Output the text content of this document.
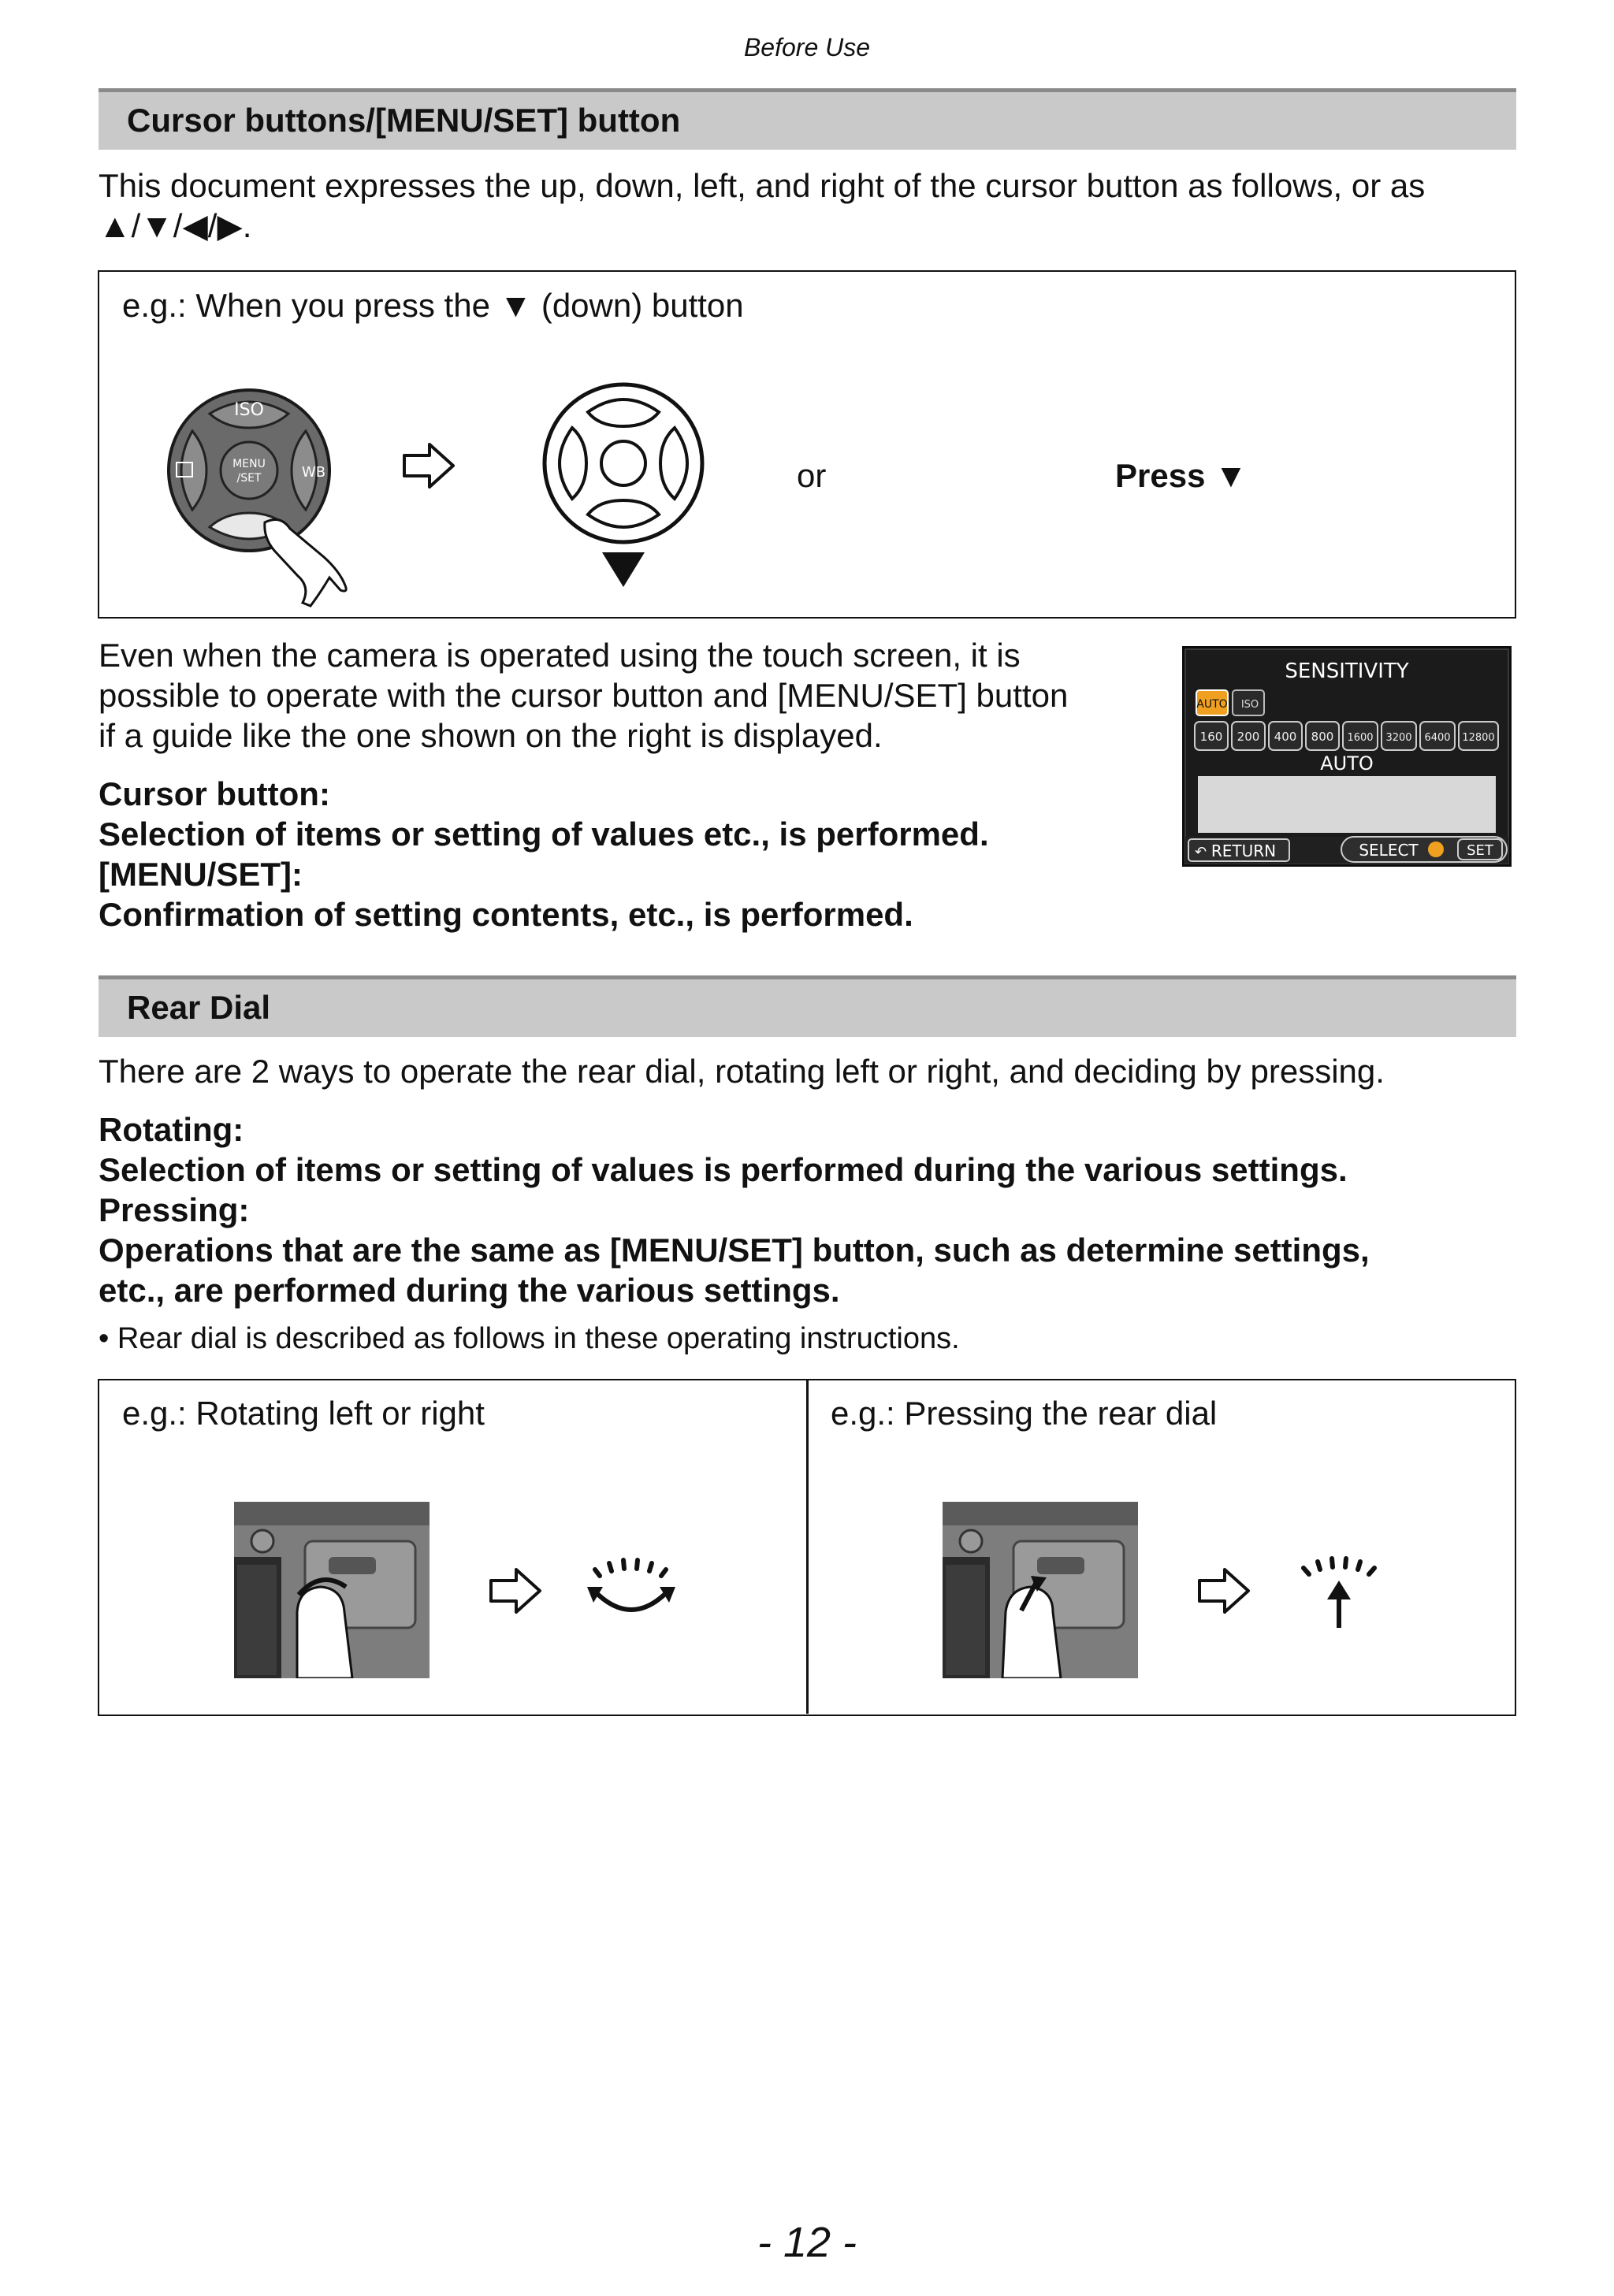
Before Use
Cursor buttons/[MENU/SET] button
This document expresses the up, down, left, and right of the cursor button as follows, or as
▲/▼/◀/▶.
e.g.: When you press the ▼ (down) button
ISO
MENU
/SET	WB	or	Press ▼
Even when the camera is operated using the touch screen, it is
possible to operate with the cursor button and [MENU/SET] button
if a guide like the one shown on the right is displayed.
Cursor button:
Selection of items or setting of values etc., is performed.
[MENU/SET]:
Confirmation of setting contents, etc., is performed.
SENSITIVITY
AUTO ISO
160 200 400 800 1600 3200 6400 12800
AUTO
RETURN
↶	SELECT	SET
Rear Dial
There are 2 ways to operate the rear dial, rotating left or right, and deciding by pressing.
Rotating:
Selection of items or setting of values is performed during the various settings.
Pressing:
Operations that are the same as [MENU/SET] button, such as determine settings,
etc., are performed during the various settings.
• Rear dial is described as follows in these operating instructions.
e.g.: Rotating left or right	e.g.: Pressing the rear dial
- 12 -
